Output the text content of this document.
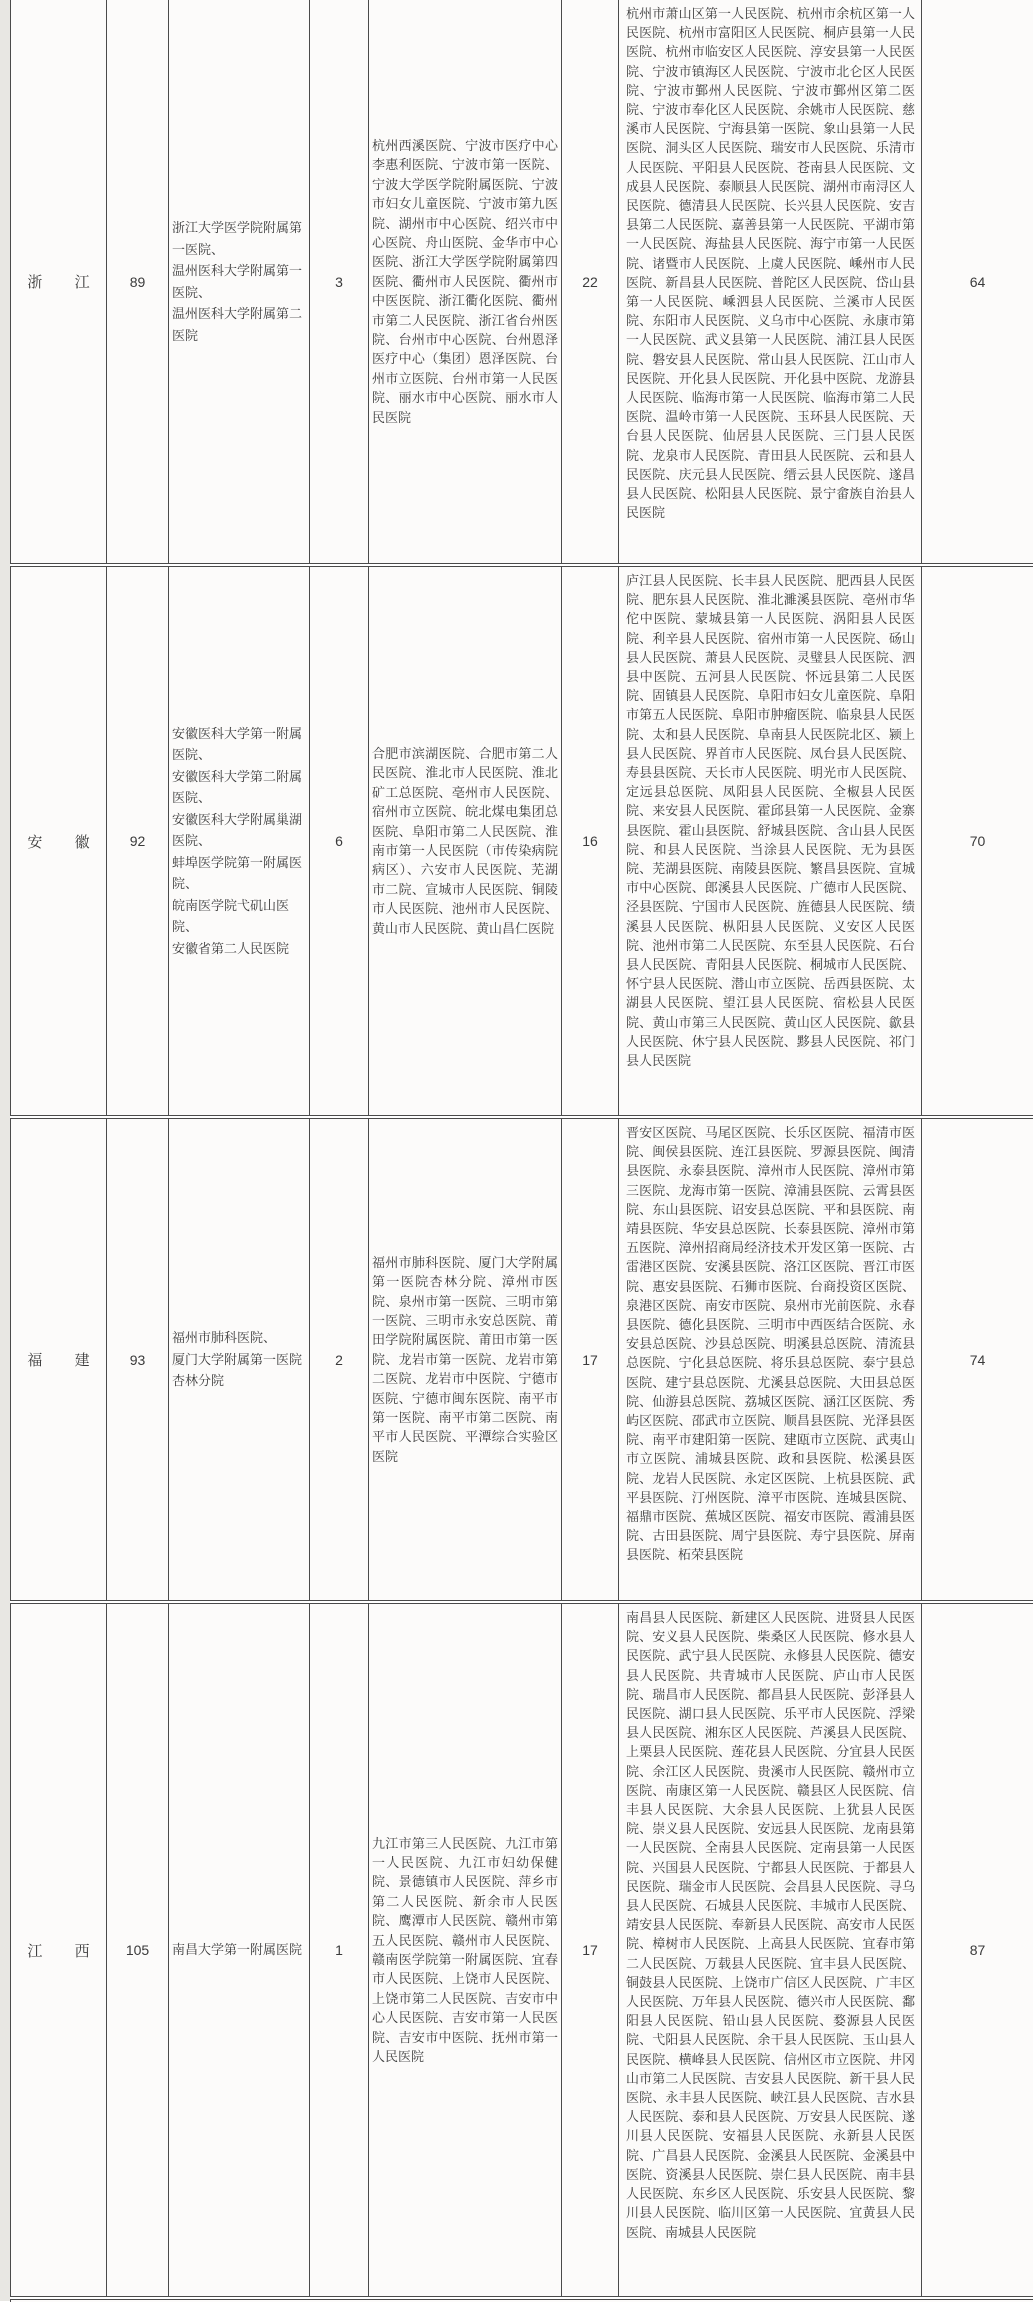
浙 江 89
浙江大学医学院附属第一医院、
温州医科大学附属第一医院、
温州医科大学附属第二医院
3

杭州西溪医院、宁波市医疗中心李惠利医院、宁波市第一医院、宁波大学医学院附属医院、宁波市妇女儿童医院、宁波市第九医院、湖州市中心医院、绍兴市中心医院、舟山医院、金华市中心医院、浙江大学医学院附属第四医院、衢州市人民医院、衢州市中医医院、浙江衢化医院、衢州市第二人民医院、浙江省台州医院、台州市中心医院、台州恩泽医疗中心（集团）恩泽医院、台州市立医院、台州市第一人民医院、丽水市中心医院、丽水市人民医院

22
杭州市萧山区第一人民医院、杭州市余杭区第一人民医院、杭州市富阳区人民医院、桐庐县第一人民医院、杭州市临安区人民医院、淳安县第一人民医院、宁波市镇海区人民医院、宁波市北仑区人民医院、宁波市鄞州人民医院、宁波市鄞州区第二医院、宁波市奉化区人民医院、余姚市人民医院、慈溪市人民医院、宁海县第一医院、象山县第一人民医院、洞头区人民医院、瑞安市人民医院、乐清市人民医院、平阳县人民医院、苍南县人民医院、文成县人民医院、泰顺县人民医院、湖州市南浔区人民医院、德清县人民医院、长兴县人民医院、安吉县第二人民医院、嘉善县第一人民医院、平湖市第一人民医院、海盐县人民医院、海宁市第一人民医院、诸暨市人民医院、上虞人民医院、嵊州市人民医院、新昌县人民医院、普陀区人民医院、岱山县第一人民医院、嵊泗县人民医院、兰溪市人民医院、东阳市人民医院、义乌市中心医院、永康市第一人民医院、武义县第一人民医院、浦江县人民医院、磐安县人民医院、常山县人民医院、江山市人民医院、开化县人民医院、开化县中医院、龙游县人民医院、临海市第一人民医院、临海市第二人民医院、温岭市第一人民医院、玉环县人民医院、天台县人民医院、仙居县人民医院、三门县人民医院、龙泉市人民医院、青田县人民医院、云和县人民医院、庆元县人民医院、缙云县人民医院、遂昌县人民医院、松阳县人民医院、景宁畲族自治县人民医院
64
安 徽 92
安徽医科大学第一附属医院、
安徽医科大学第二附属医院、
安徽医科大学附属巢湖医院、
蚌埠医学院第一附属医院、
皖南医学院弋矶山医院、
安徽省第二人民医院
6

合肥市滨湖医院、合肥市第二人民医院、淮北市人民医院、淮北矿工总医院、亳州市人民医院、宿州市立医院、皖北煤电集团总医院、阜阳市第二人民医院、淮南市第一人民医院（市传染病院病区）、六安市人民医院、芜湖市二院、宣城市人民医院、铜陵市人民医院、池州市人民医院、黄山市人民医院、黄山昌仁医院

16
庐江县人民医院、长丰县人民医院、肥西县人民医院、肥东县人民医院、淮北濉溪县医院、亳州市华佗中医院、蒙城县第一人民医院、涡阳县人民医院、利辛县人民医院、宿州市第一人民医院、砀山县人民医院、萧县人民医院、灵璧县人民医院、泗县中医院、五河县人民医院、怀远县第二人民医院、固镇县人民医院、阜阳市妇女儿童医院、阜阳市第五人民医院、阜阳市肿瘤医院、临泉县人民医院、太和县人民医院、阜南县人民医院北区、颍上县人民医院、界首市人民医院、凤台县人民医院、寿县县医院、天长市人民医院、明光市人民医院、定远县总医院、凤阳县人民医院、全椒县人民医院、来安县人民医院、霍邱县第一人民医院、金寨县医院、霍山县医院、舒城县医院、含山县人民医院、和县人民医院、当涂县人民医院、无为县医院、芜湖县医院、南陵县医院、繁昌县医院、宣城市中心医院、郎溪县人民医院、广德市人民医院、泾县医院、宁国市人民医院、旌德县人民医院、绩溪县人民医院、枞阳县人民医院、义安区人民医院、池州市第二人民医院、东至县人民医院、石台县人民医院、青阳县人民医院、桐城市人民医院、怀宁县人民医院、潜山市立医院、岳西县医院、太湖县人民医院、望江县人民医院、宿松县人民医院、黄山市第三人民医院、黄山区人民医院、歙县人民医院、休宁县人民医院、黟县人民医院、祁门县人民医院
70
福 建 93
福州市肺科医院、
厦门大学附属第一医院杏林分院
2

福州市肺科医院、厦门大学附属第一医院杏林分院、漳州市医院、泉州市第一医院、三明市第一医院、三明市永安总医院、莆田学院附属医院、莆田市第一医院、龙岩市第一医院、龙岩市第二医院、龙岩市中医院、宁德市医院、宁德市闽东医院、南平市第一医院、南平市第二医院、南平市人民医院、平潭综合实验区医院

17
晋安区医院、马尾区医院、长乐区医院、福清市医院、闽侯县医院、连江县医院、罗源县医院、闽清县医院、永泰县医院、漳州市人民医院、漳州市第三医院、龙海市第一医院、漳浦县医院、云霄县医院、东山县医院、诏安县总医院、平和县医院、南靖县医院、华安县总医院、长泰县医院、漳州市第五医院、漳州招商局经济技术开发区第一医院、古雷港区医院、安溪县医院、洛江区医院、晋江市医院、惠安县医院、石狮市医院、台商投资区医院、泉港区医院、南安市医院、泉州市光前医院、永春县医院、德化县医院、三明市中西医结合医院、永安县总医院、沙县总医院、明溪县总医院、清流县总医院、宁化县总医院、将乐县总医院、泰宁县总医院、建宁县总医院、尤溪县总医院、大田县总医院、仙游县总医院、荔城区医院、涵江区医院、秀屿区医院、邵武市立医院、顺昌县医院、光泽县医院、南平市建阳第一医院、建瓯市立医院、武夷山市立医院、浦城县医院、政和县医院、松溪县医院、龙岩人民医院、永定区医院、上杭县医院、武平县医院、汀州医院、漳平市医院、连城县医院、福鼎市医院、蕉城区医院、福安市医院、霞浦县医院、古田县医院、周宁县医院、寿宁县医院、屏南县医院、柘荣县医院
74
江 西 105 南昌大学第一附属医院 1

九江市第三人民医院、九江市第一人民医院、九江市妇幼保健院、景德镇市人民医院、萍乡市第二人民医院、新余市人民医院、鹰潭市人民医院、赣州市第五人民医院、赣州市人民医院、赣南医学院第一附属医院、宜春市人民医院、上饶市人民医院、上饶市第二人民医院、吉安市中心人民医院、吉安市第一人民医院、吉安市中医院、抚州市第一人民医院

17
南昌县人民医院、新建区人民医院、进贤县人民医院、安义县人民医院、柴桑区人民医院、修水县人民医院、武宁县人民医院、永修县人民医院、德安县人民医院、共青城市人民医院、庐山市人民医院、瑞昌市人民医院、都昌县人民医院、彭泽县人民医院、湖口县人民医院、乐平市人民医院、浮梁县人民医院、湘东区人民医院、芦溪县人民医院、上栗县人民医院、莲花县人民医院、分宜县人民医院、余江区人民医院、贵溪市人民医院、赣州市立医院、南康区第一人民医院、赣县区人民医院、信丰县人民医院、大余县人民医院、上犹县人民医院、崇义县人民医院、安远县人民医院、龙南县第一人民医院、全南县人民医院、定南县第一人民医院、兴国县人民医院、宁都县人民医院、于都县人民医院、瑞金市人民医院、会昌县人民医院、寻乌县人民医院、石城县人民医院、丰城市人民医院、靖安县人民医院、奉新县人民医院、高安市人民医院、樟树市人民医院、上高县人民医院、宜春市第二人民医院、万载县人民医院、宜丰县人民医院、铜鼓县人民医院、上饶市广信区人民医院、广丰区人民医院、万年县人民医院、德兴市人民医院、鄱阳县人民医院、铅山县人民医院、婺源县人民医院、弋阳县人民医院、余干县人民医院、玉山县人民医院、横峰县人民医院、信州区市立医院、井冈山市第二人民医院、吉安县人民医院、新干县人民医院、永丰县人民医院、峡江县人民医院、吉水县人民医院、泰和县人民医院、万安县人民医院、遂川县人民医院、安福县人民医院、永新县人民医院、广昌县人民医院、金溪县人民医院、金溪县中医院、资溪县人民医院、崇仁县人民医院、南丰县人民医院、东乡区人民医院、乐安县人民医院、黎川县人民医院、临川区第一人民医院、宜黄县人民医院、南城县人民医院
87
